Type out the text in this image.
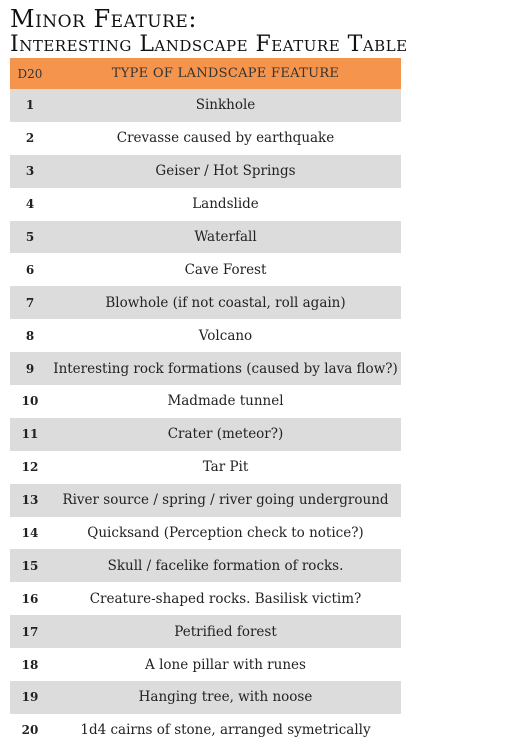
Minor Feature:
Interesting Landscape Feature Table
D20	TYPE OF LANDSCAPE FEATURE
1	Sinkhole
2	Crevasse caused by earthquake
3	Geiser / Hot Springs
4	Landslide
5	Waterfall
6	Cave Forest
7	Blowhole (if not coastal, roll again)
8	Volcano
9	Interesting rock formations (caused by lava flow?)
10	Madmade tunnel
11	Crater (meteor?)
12	Tar Pit
13	River source / spring / river going underground
14	Quicksand (Perception check to notice?)
15	Skull / facelike formation of rocks.
16	Creature-shaped rocks. Basilisk victim?
17	Petrified forest
18	A lone pillar with runes
19	Hanging tree, with noose
20	1d4 cairns of stone, arranged symetrically
